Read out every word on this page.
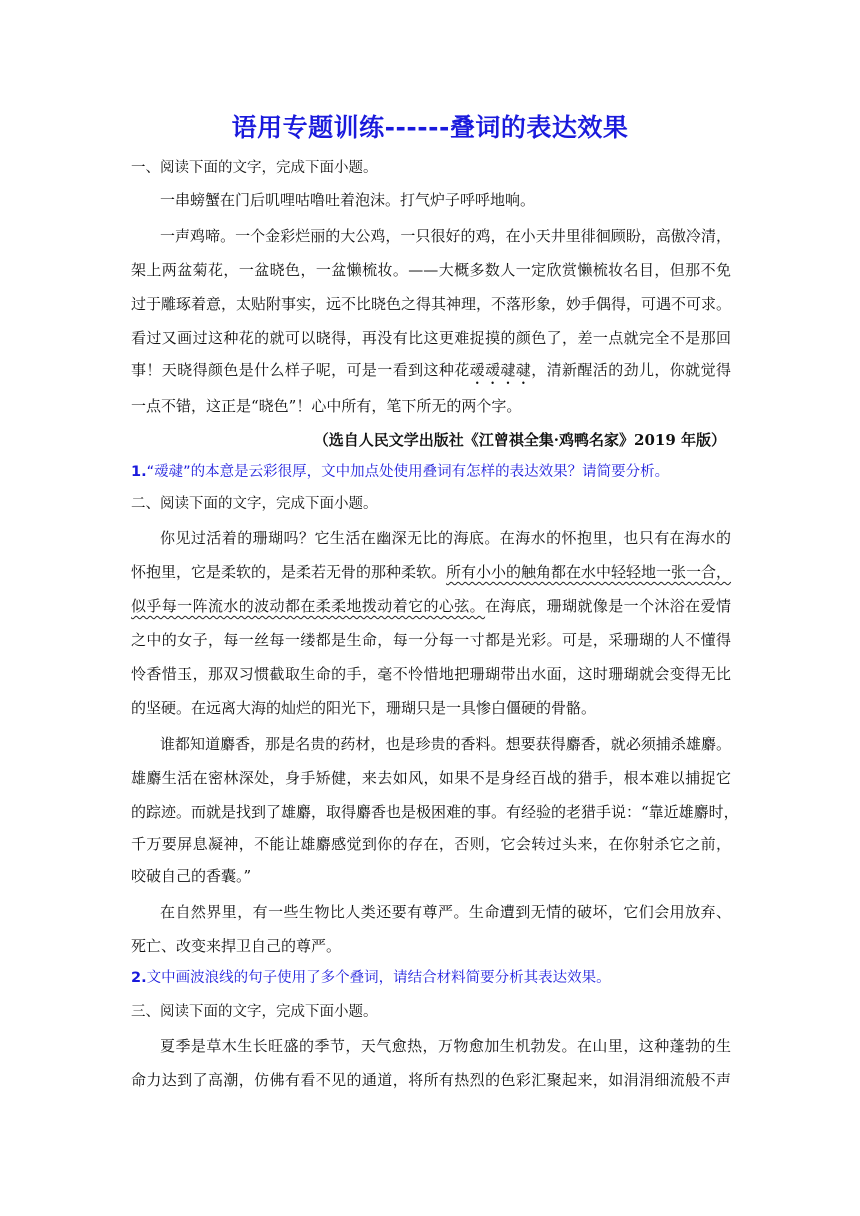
语用专题训练------叠词的表达效果
一、阅读下面的文字，完成下面小题。
一串螃蟹在门后叽哩咕噜吐着泡沫。打气炉子呼呼地响。
一声鸡啼。一个金彩烂丽的大公鸡，一只很好的鸡，在小天井里徘徊顾盼，高傲冷清，
架上两盆菊花，一盆晓色，一盆懒梳妆。——大概多数人一定欣赏懒梳妆名目，但那不免
过于雕琢着意，太贴附事实，远不比晓色之得其神理，不落形象，妙手偶得，可遇不可求。
看过又画过这种花的就可以晓得，再没有比这更难捉摸的颜色了，差一点就完全不是那回
事！天晓得颜色是什么样子呢，可是一看到这种花叆叆叇叇，清新醒活的劲儿，你就觉得
一点不错，这正是“晓色”！心中所有，笔下所无的两个字。
（选自人民文学出版社《江曾祺全集·鸡鸭名家》2019 年版）
1.“叆叇”的本意是云彩很厚，文中加点处使用叠词有怎样的表达效果？请简要分析。
二、阅读下面的文字，完成下面小题。
你见过活着的珊瑚吗？它生活在幽深无比的海底。在海水的怀抱里，也只有在海水的
怀抱里，它是柔软的，是柔若无骨的那种柔软。所有小小的触角都在水中轻轻地一张一合，
似乎每一阵流水的波动都在柔柔地拨动着它的心弦。在海底，珊瑚就像是一个沐浴在爱情
之中的女子，每一丝每一缕都是生命，每一分每一寸都是光彩。可是，采珊瑚的人不懂得
怜香惜玉，那双习惯截取生命的手，毫不怜惜地把珊瑚带出水面，这时珊瑚就会变得无比
的坚硬。在远离大海的灿烂的阳光下，珊瑚只是一具惨白僵硬的骨骼。
谁都知道麝香，那是名贵的药材，也是珍贵的香料。想要获得麝香，就必须捕杀雄麝。
雄麝生活在密林深处，身手矫健，来去如风，如果不是身经百战的猎手，根本难以捕捉它
的踪迹。而就是找到了雄麝，取得麝香也是极困难的事。有经验的老猎手说：“靠近雄麝时，
千万要屏息凝神，不能让雄麝感觉到你的存在，否则，它会转过头来，在你射杀它之前，
咬破自己的香囊。”
在自然界里，有一些生物比人类还要有尊严。生命遭到无情的破坏，它们会用放弃、
死亡、改变来捍卫自己的尊严。
2.文中画波浪线的句子使用了多个叠词，请结合材料简要分析其表达效果。
三、阅读下面的文字，完成下面小题。
夏季是草木生长旺盛的季节，天气愈热，万物愈加生机勃发。在山里，这种蓬勃的生
命力达到了高潮，仿佛有看不见的通道，将所有热烈的色彩汇聚起来，如涓涓细流般不声
